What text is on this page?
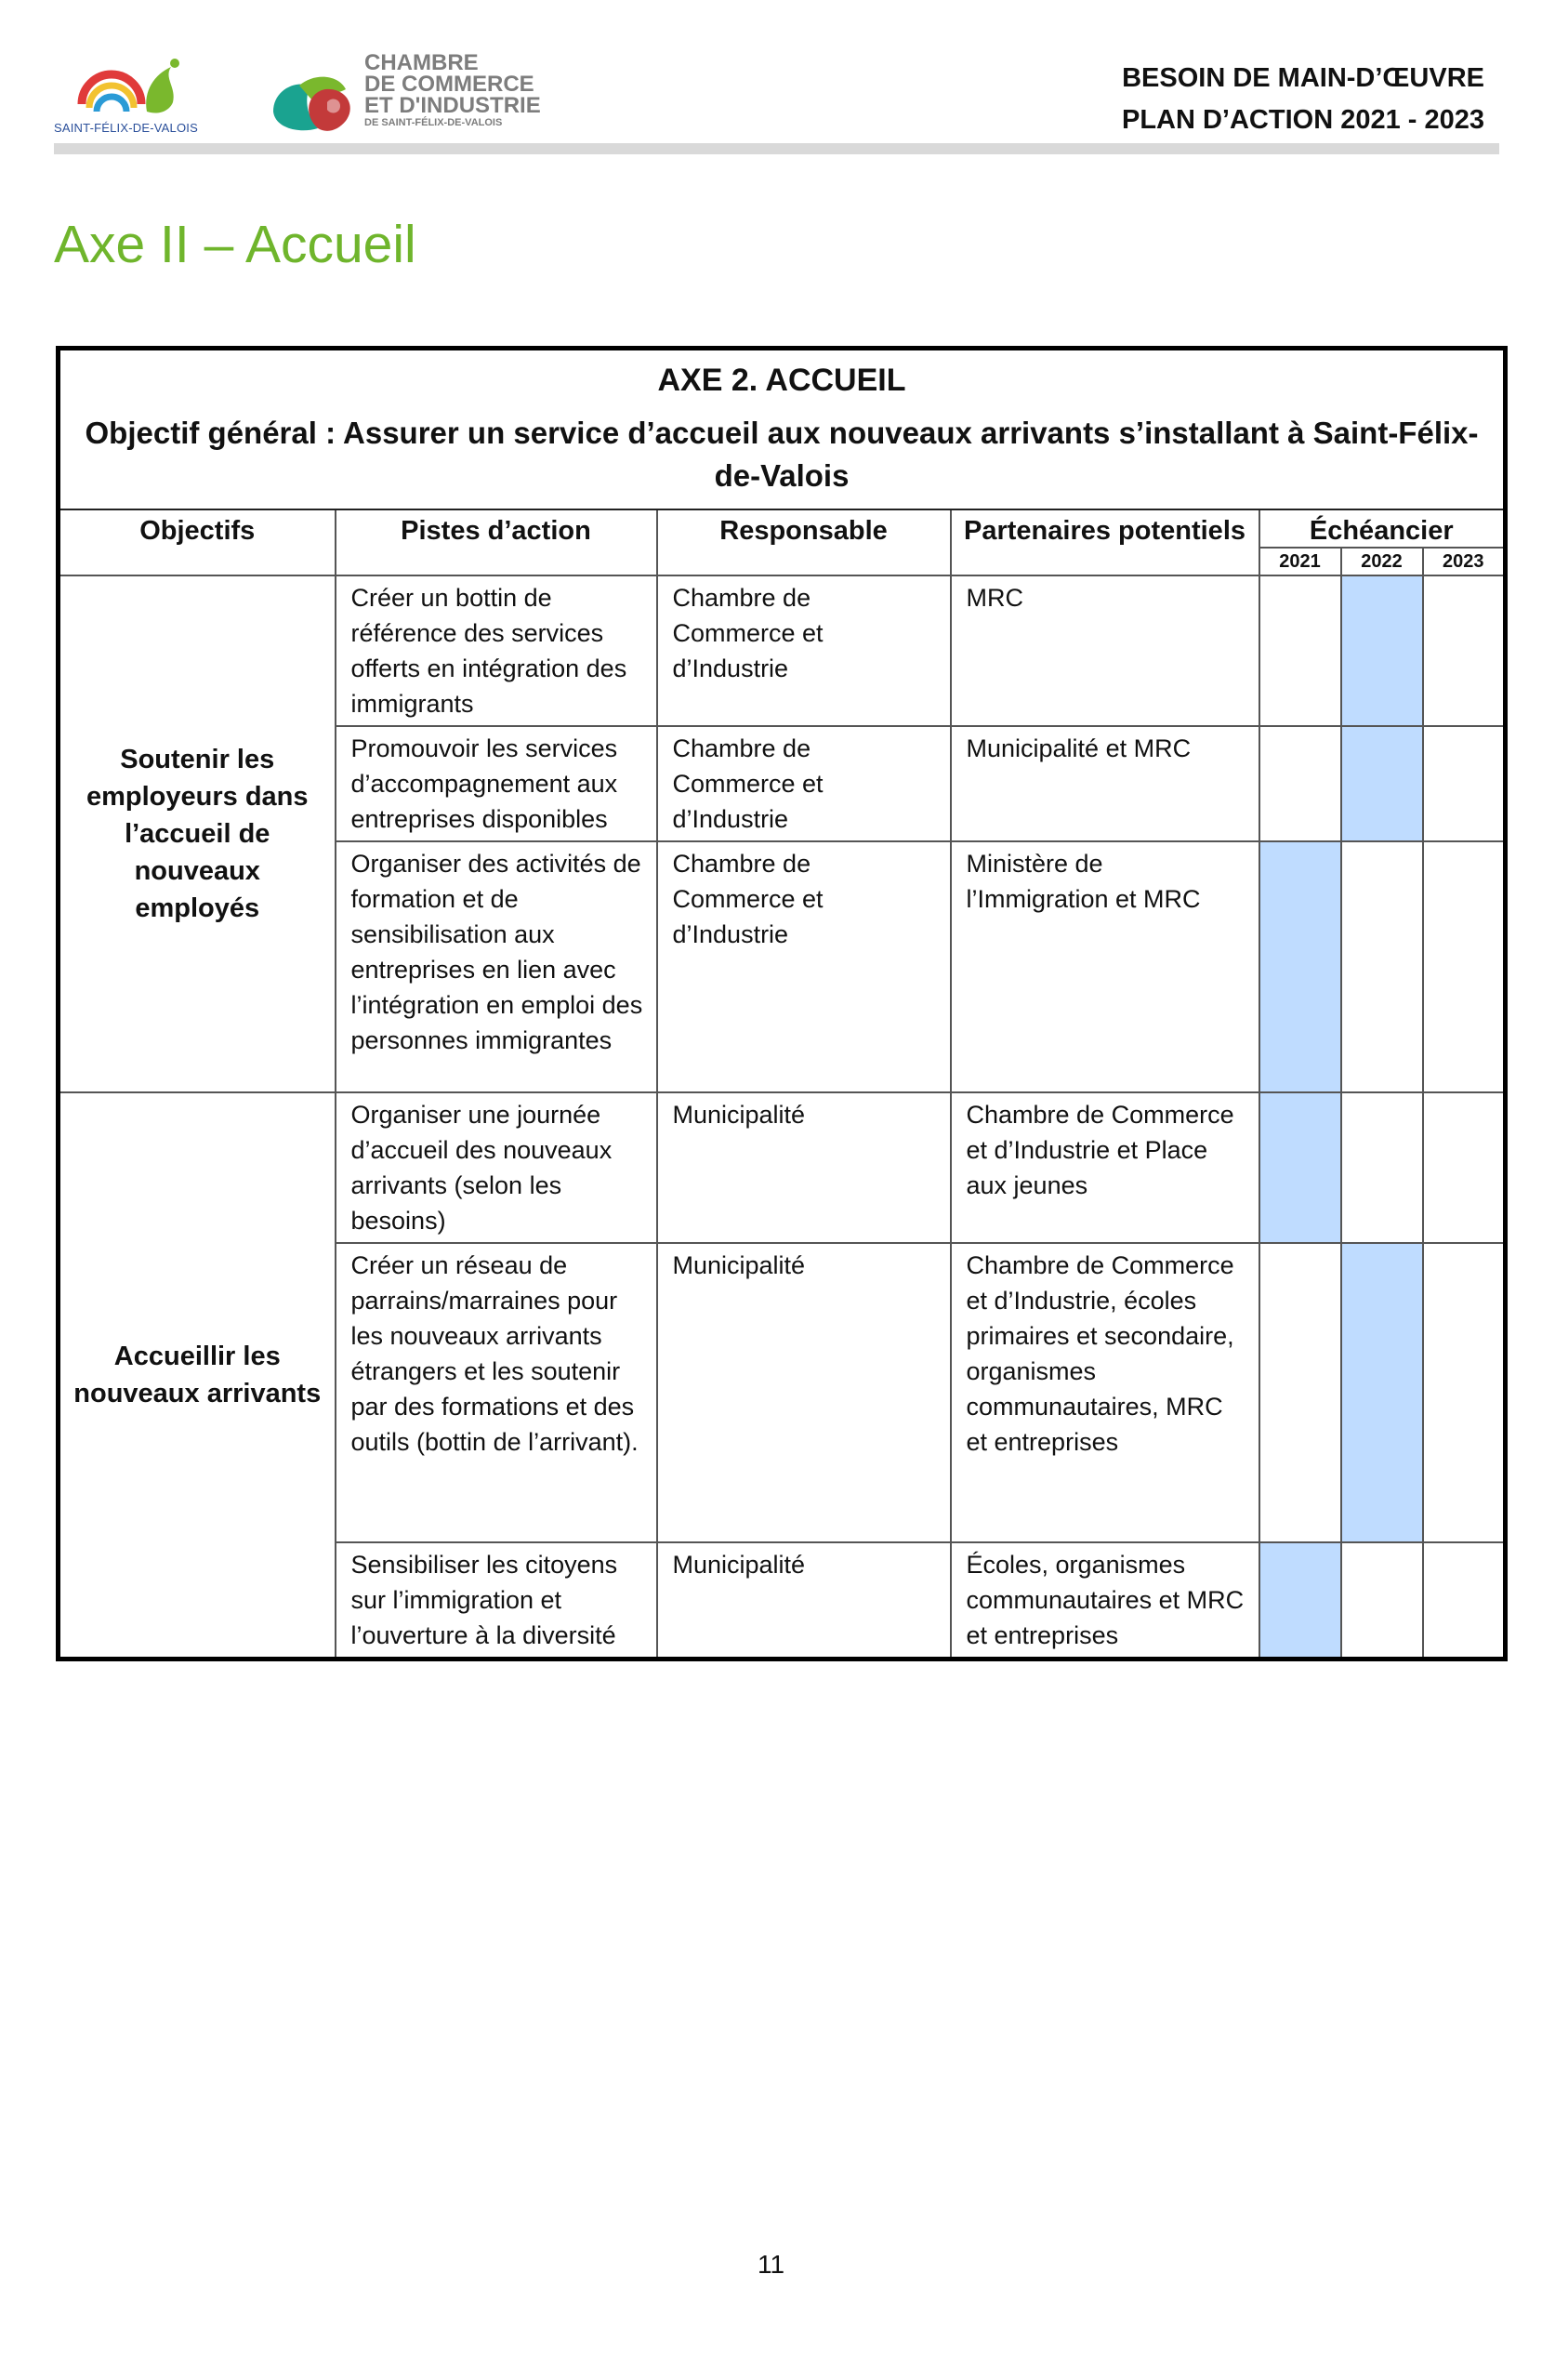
SAINT-FÉLIX-DE-VALOIS
CHAMBRE
DE COMMERCE
ET D'INDUSTRIE
DE SAINT-FÉLIX-DE-VALOIS
BESOIN DE MAIN-D’ŒUVRE
PLAN D’ACTION 2021 - 2023
Axe II – Accueil
AXE 2. ACCUEIL
Objectif général : Assurer un service d’accueil aux nouveaux arrivants s’installant à Saint-Félix-de-Valois						

Objectifs	Pistes d’action	Responsable	Partenaires potentiels	Échéancier		
				2021	2022	2023
Soutenir les employeurs dans l’accueil de nouveaux employés	Créer un bottin de référence des services offerts en intégration des immigrants	Chambre de Commerce et d’Industrie	MRC			
	Promouvoir les services d’accompagnement aux entreprises disponibles	Chambre de Commerce et d’Industrie	Municipalité et MRC			
	Organiser des activités de formation et de sensibilisation aux entreprises en lien avec l’intégration en emploi des personnes immigrantes	Chambre de Commerce et d’Industrie	Ministère de l’Immigration et MRC			
Accueillir les nouveaux arrivants	Organiser une journée d’accueil des nouveaux arrivants (selon les besoins)	Municipalité	Chambre de Commerce et d’Industrie et Place aux jeunes			
	Créer un réseau de parrains/marraines pour les nouveaux arrivants étrangers et les soutenir par des formations et des outils (bottin de l’arrivant).	Municipalité	Chambre de Commerce et d’Industrie, écoles primaires et secondaire, organismes communautaires, MRC et entreprises			
	Sensibiliser les citoyens sur l’immigration et l’ouverture à la diversité	Municipalité	Écoles, organismes communautaires et MRC et entreprises			
11
